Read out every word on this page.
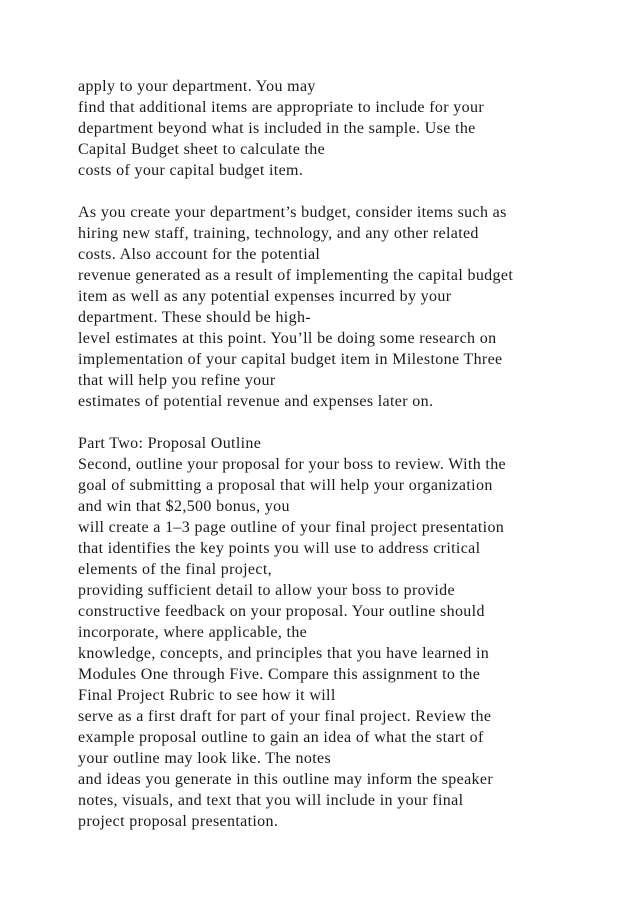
apply to your department. You may
find that additional items are appropriate to include for your
department beyond what is included in the sample. Use the
Capital Budget sheet to calculate the
costs of your capital budget item.
As you create your department’s budget, consider items such as
hiring new staff, training, technology, and any other related
costs. Also account for the potential
revenue generated as a result of implementing the capital budget
item as well as any potential expenses incurred by your
department. These should be high-
level estimates at this point. You’ll be doing some research on
implementation of your capital budget item in Milestone Three
that will help you refine your
estimates of potential revenue and expenses later on.
Part Two: Proposal Outline
Second, outline your proposal for your boss to review. With the
goal of submitting a proposal that will help your organization
and win that $2,500 bonus, you
will create a 1–3 page outline of your final project presentation
that identifies the key points you will use to address critical
elements of the final project,
providing sufficient detail to allow your boss to provide
constructive feedback on your proposal. Your outline should
incorporate, where applicable, the
knowledge, concepts, and principles that you have learned in
Modules One through Five. Compare this assignment to the
Final Project Rubric to see how it will
serve as a first draft for part of your final project. Review the
example proposal outline to gain an idea of what the start of
your outline may look like. The notes
and ideas you generate in this outline may inform the speaker
notes, visuals, and text that you will include in your final
project proposal presentation.
